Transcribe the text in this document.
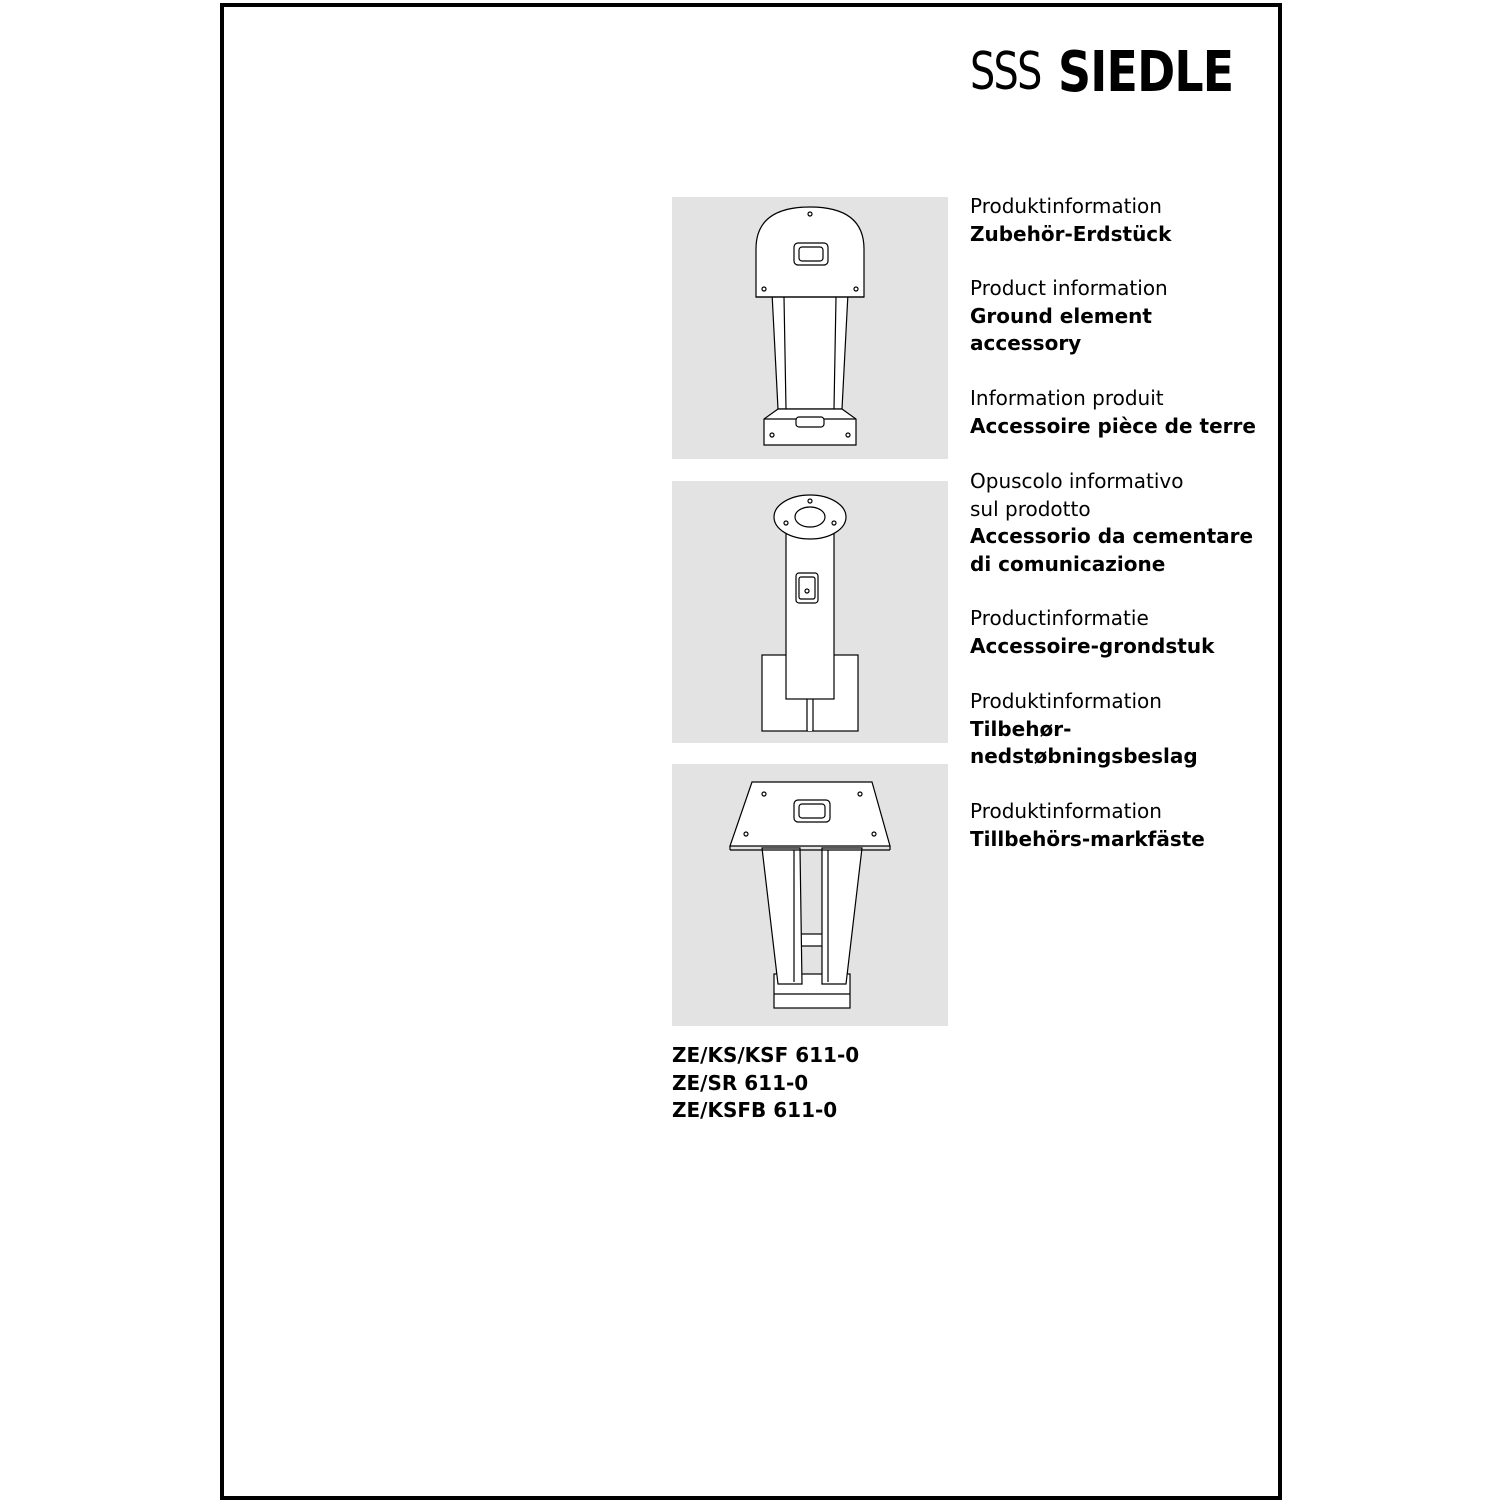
SSS SIEDLE
Produktinformation
Zubehör-Erdstück
Product information
Ground element
accessory
Information produit
Accessoire pièce de terre
Opuscolo informativo
sul prodotto
Accessorio da cementare
di comunicazione
Productinformatie
Accessoire-grondstuk
Produktinformation
Tilbehør-
nedstøbningsbeslag
Produktinformation
Tillbehörs-markfäste
ZE/KS/KSF 611-0
ZE/SR 611-0
ZE/KSFB 611-0
